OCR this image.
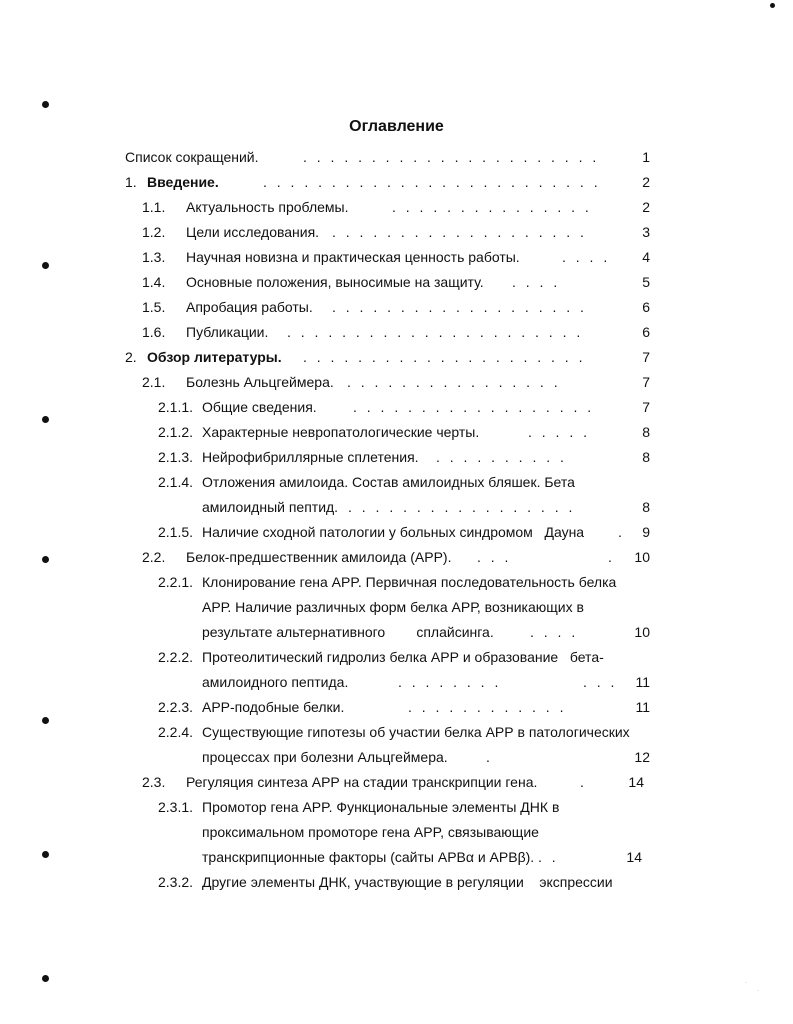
Оглавление
Список сокращений.	. . . . . . . . . . . . . . . . . . . . . .	1
1. Введение.	. . . . . . . . . . . . . . . . . . . . . . . . .	2
1.1. Актуальность проблемы.	. . . . . . . . . . . . . . .	2
1.2. Цели исследования. . . . . . . . . . . . . . . . . . . .	3
1.3. Научная новизна и практическая ценность работы.	. . . .	4
1.4. Основные положения, выносимые на защиту. . . . .	5
1.5. Апробация работы. . . . . . . . . . . . . . . . . . . .	6
1.6. Публикации. . . . . . . . . . . . . . . . . . . . . . .	6
2. Обзор литературы. . . . . . . . . . . . . . . . . . . . . .	7
2.1. Болезнь Альцгеймера. . . . . . . . . . . . . . . . .	7
2.1.1. Общие сведения.	. . . . . . . . . . . . . . . . . .	7
2.1.2. Характерные невропатологические черты.	. . . . .	8
2.1.3. Нейрофибриллярные сплетения. . . . . . . . . . .	8
2.1.4. Отложения амилоида. Состав амилоидных бляшек. Бета
амилоидный пептид. . . . . . . . . . . . . . . . . .	8
2.1.5. Наличие сходной патологии у больных синдромом   Дауна .	9
2.2. Белок-предшественник амилоида (АРР). . . .	.	10
2.2.1. Клонирование гена APP. Первичная последовательность белка
АРР. Наличие различных форм белка АРР, возникающих в
результате альтернативного        сплайсинга.	. . . .	10
2.2.2. Протеолитический гидролиз белка АРР и образование   бета-
амилоидного пептида.	. . . . . . . .	. . .	11
2.2.3. АРР-подобные белки.	. . . . . . . . . . . .	11
2.2.4. Существующие гипотезы об участии белка АРР в патологических
процессах при болезни Альцгеймера.	.	12
2.3. Регуляция синтеза АРР на стадии транскрипции гена.	.	14
2.3.1. Промотор гена APP. Функциональные элементы ДНК в
проксимальном промоторе гена APP, связывающие
транскрипционные факторы (сайты APBα и APBβ). . .	14
2.3.2. Другие элементы ДНК, участвующие в регуляции    экспрессии
·
·
